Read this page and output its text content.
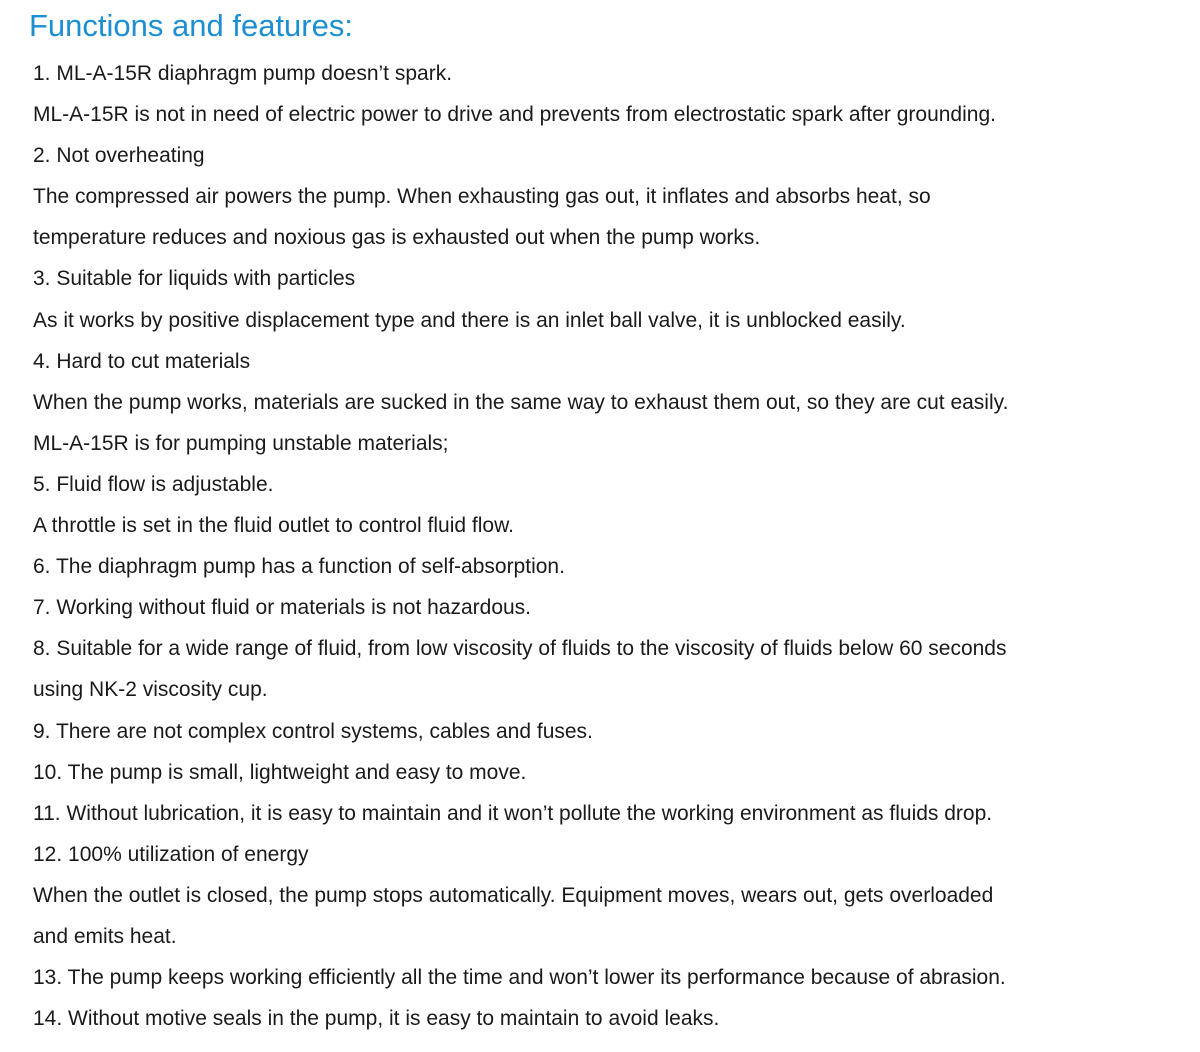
Functions and features:
1. ML-A-15R diaphragm pump doesn’t spark.
ML-A-15R is not in need of electric power to drive and prevents from electrostatic spark after grounding.
2. Not overheating
The compressed air powers the pump. When exhausting gas out, it inflates and absorbs heat, so
temperature reduces and noxious gas is exhausted out when the pump works.
3. Suitable for liquids with particles
As it works by positive displacement type and there is an inlet ball valve, it is unblocked easily.
4. Hard to cut materials
When the pump works, materials are sucked in the same way to exhaust them out, so they are cut easily.
ML-A-15R is for pumping unstable materials;
5. Fluid flow is adjustable.
A throttle is set in the fluid outlet to control fluid flow.
6. The diaphragm pump has a function of self-absorption.
7. Working without fluid or materials is not hazardous.
8. Suitable for a wide range of fluid, from low viscosity of fluids to the viscosity of fluids below 60 seconds
using NK-2 viscosity cup.
9. There are not complex control systems, cables and fuses.
10. The pump is small, lightweight and easy to move.
11. Without lubrication, it is easy to maintain and it won’t pollute the working environment as fluids drop.
12. 100% utilization of energy
When the outlet is closed, the pump stops automatically. Equipment moves, wears out, gets overloaded
and emits heat.
13. The pump keeps working efficiently all the time and won’t lower its performance because of abrasion.
14. Without motive seals in the pump, it is easy to maintain to avoid leaks.
